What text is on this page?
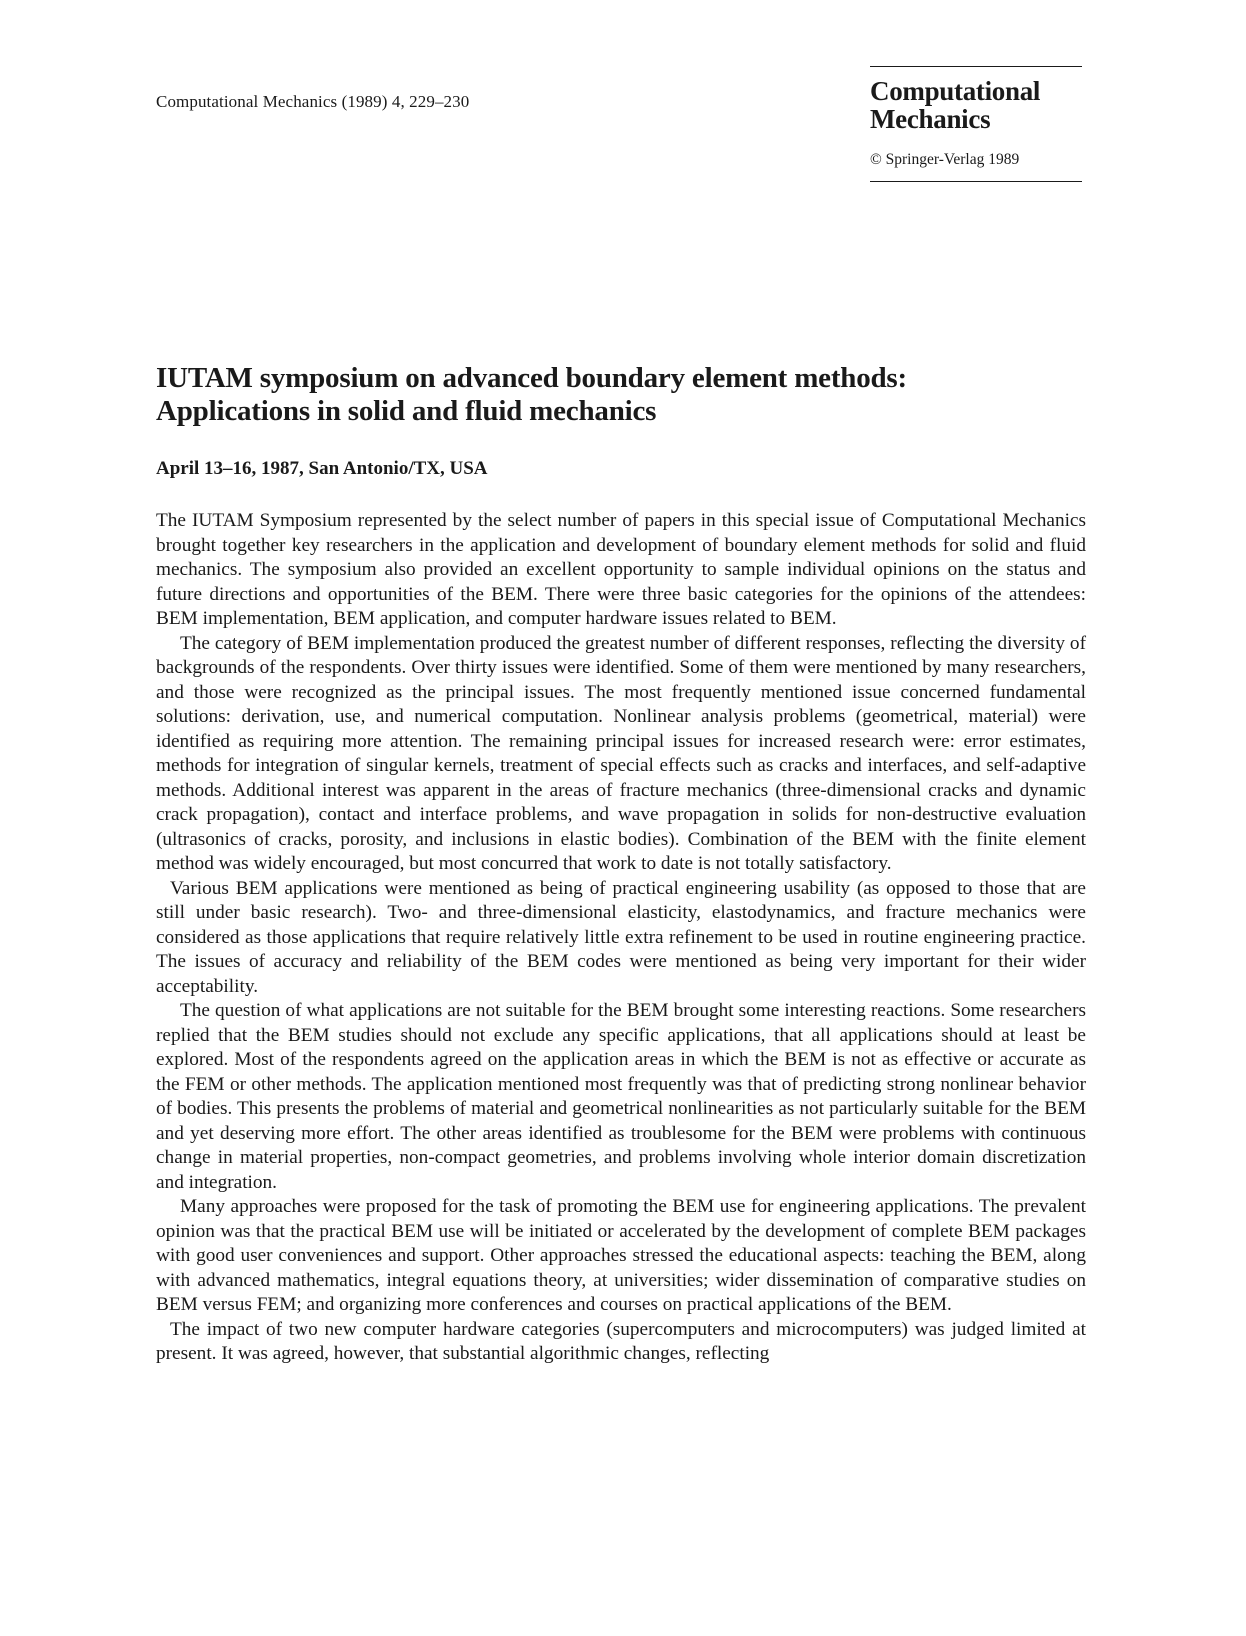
Computational Mechanics (1989) 4, 229–230	Computational
Mechanics
© Springer-Verlag 1989
IUTAM symposium on advanced boundary element methods:
Applications in solid and fluid mechanics
April 13–16, 1987, San Antonio/TX, USA

The IUTAM Symposium represented by the select number of papers in this special issue of Computational Mechanics brought together key researchers in the application and development of boundary element methods for solid and fluid mechanics. The symposium also provided an excellent opportunity to sample individual opinions on the status and future directions and opportunities of the BEM. There were three basic categories for the opinions of the attendees: BEM implementation, BEM application, and computer hardware issues related to BEM.

The category of BEM implementation produced the greatest number of different responses, reflecting the diversity of backgrounds of the respondents. Over thirty issues were identified. Some of them were mentioned by many researchers, and those were recognized as the principal issues. The most frequently mentioned issue concerned fundamental solutions: derivation, use, and numerical computation. Nonlinear analysis problems (geometrical, material) were identified as requiring more attention. The remaining principal issues for increased research were: error estimates, methods for integration of singular kernels, treatment of special effects such as cracks and interfaces, and self-adaptive methods. Additional interest was apparent in the areas of fracture mechanics (three-dimensional cracks and dynamic crack propagation), contact and interface problems, and wave propagation in solids for non-destructive evaluation (ultrasonics of cracks, porosity, and inclusions in elastic bodies). Combination of the BEM with the finite element method was widely encouraged, but most concurred that work to date is not totally satisfactory.

Various BEM applications were mentioned as being of practical engineering usability (as opposed to those that are still under basic research). Two- and three-dimensional elasticity, elastodynamics, and fracture mechanics were considered as those applications that require relatively little extra refinement to be used in routine engineering practice. The issues of accuracy and reliability of the BEM codes were mentioned as being very important for their wider acceptability.

The question of what applications are not suitable for the BEM brought some interesting reactions. Some researchers replied that the BEM studies should not exclude any specific applications, that all applications should at least be explored. Most of the respondents agreed on the application areas in which the BEM is not as effective or accurate as the FEM or other methods. The application mentioned most frequently was that of predicting strong nonlinear behavior of bodies. This presents the problems of material and geometrical nonlinearities as not particularly suitable for the BEM and yet deserving more effort. The other areas identified as troublesome for the BEM were problems with continuous change in material properties, non-compact geometries, and problems involving whole interior domain discretization and integration.

Many approaches were proposed for the task of promoting the BEM use for engineering applications. The prevalent opinion was that the practical BEM use will be initiated or accelerated by the development of complete BEM packages with good user conveniences and support. Other approaches stressed the educational aspects: teaching the BEM, along with advanced mathematics, integral equations theory, at universities; wider dissemination of comparative studies on BEM versus FEM; and organizing more conferences and courses on practical applications of the BEM.

The impact of two new computer hardware categories (supercomputers and microcomputers) was judged limited at present. It was agreed, however, that substantial algorithmic changes, reflecting
